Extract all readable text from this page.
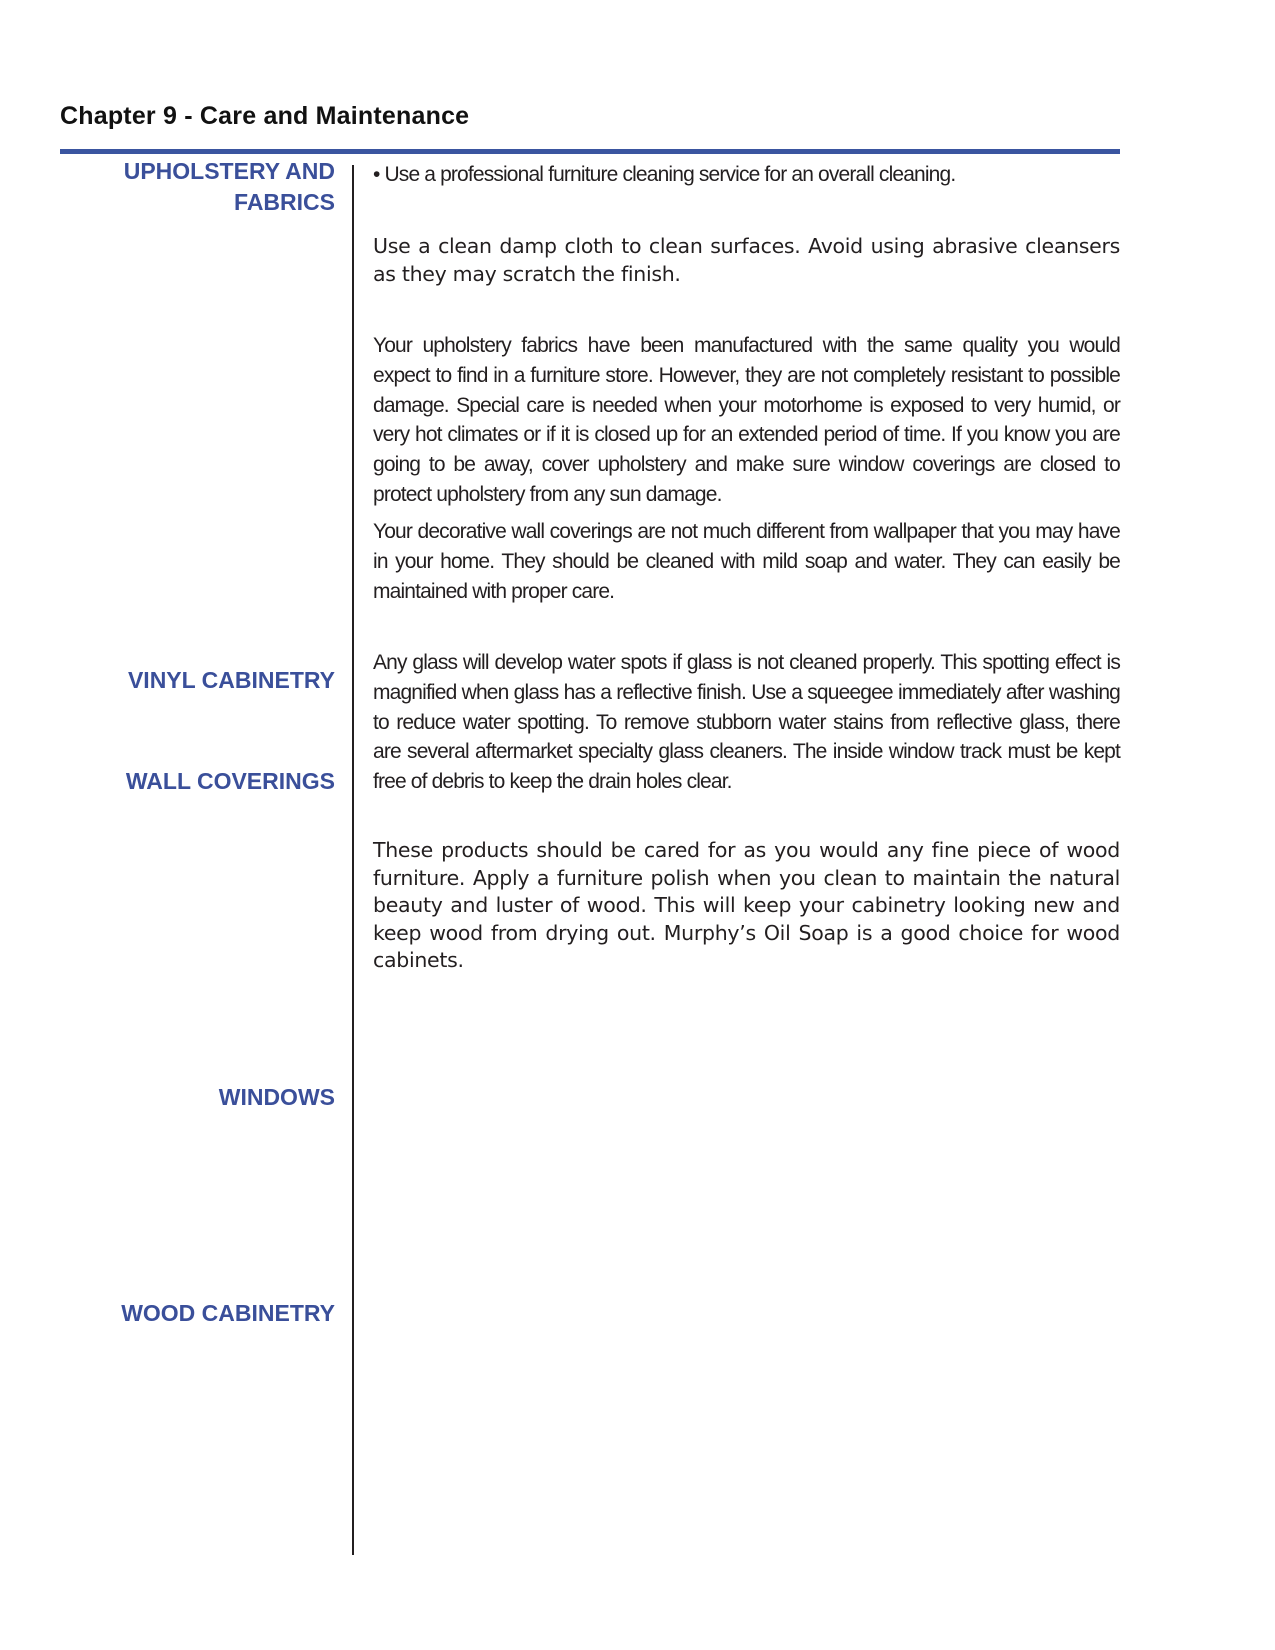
Chapter 9 - Care and Maintenance
UPHOLSTERY AND FABRICS
VINYL CABINETRY
WALL COVERINGS
WINDOWS
WOOD CABINETRY

• Use a professional furniture cleaning service for an overall cleaning.

Use a clean damp cloth to clean surfaces. Avoid using abrasive cleansers as they may scratch the finish.

Your upholstery fabrics have been manufactured with the same quality you would expect to find in a furniture store. However, they are not completely resistant to possible damage. Special care is needed when your motorhome is exposed to very humid, or very hot climates or if it is closed up for an extended period of time. If you know you are going to be away, cover upholstery and make sure window coverings are closed to protect upholstery from any sun damage.

Your decorative wall coverings are not much different from wallpaper that you may have in your home. They should be cleaned with mild soap and water. They can easily be maintained with proper care.

Any glass will develop water spots if glass is not cleaned properly. This spotting effect is magnified when glass has a reflective finish. Use a squeegee immediately after washing to reduce water spotting. To remove stubborn water stains from reflective glass, there are several aftermarket specialty glass cleaners. The inside window track must be kept free of debris to keep the drain holes clear.

These products should be cared for as you would any fine piece of wood furniture. Apply a furniture polish when you clean to maintain the natural beauty and luster of wood. This will keep your cabinetry looking new and keep wood from drying out. Murphy’s Oil Soap is a good choice for wood cabinets.
